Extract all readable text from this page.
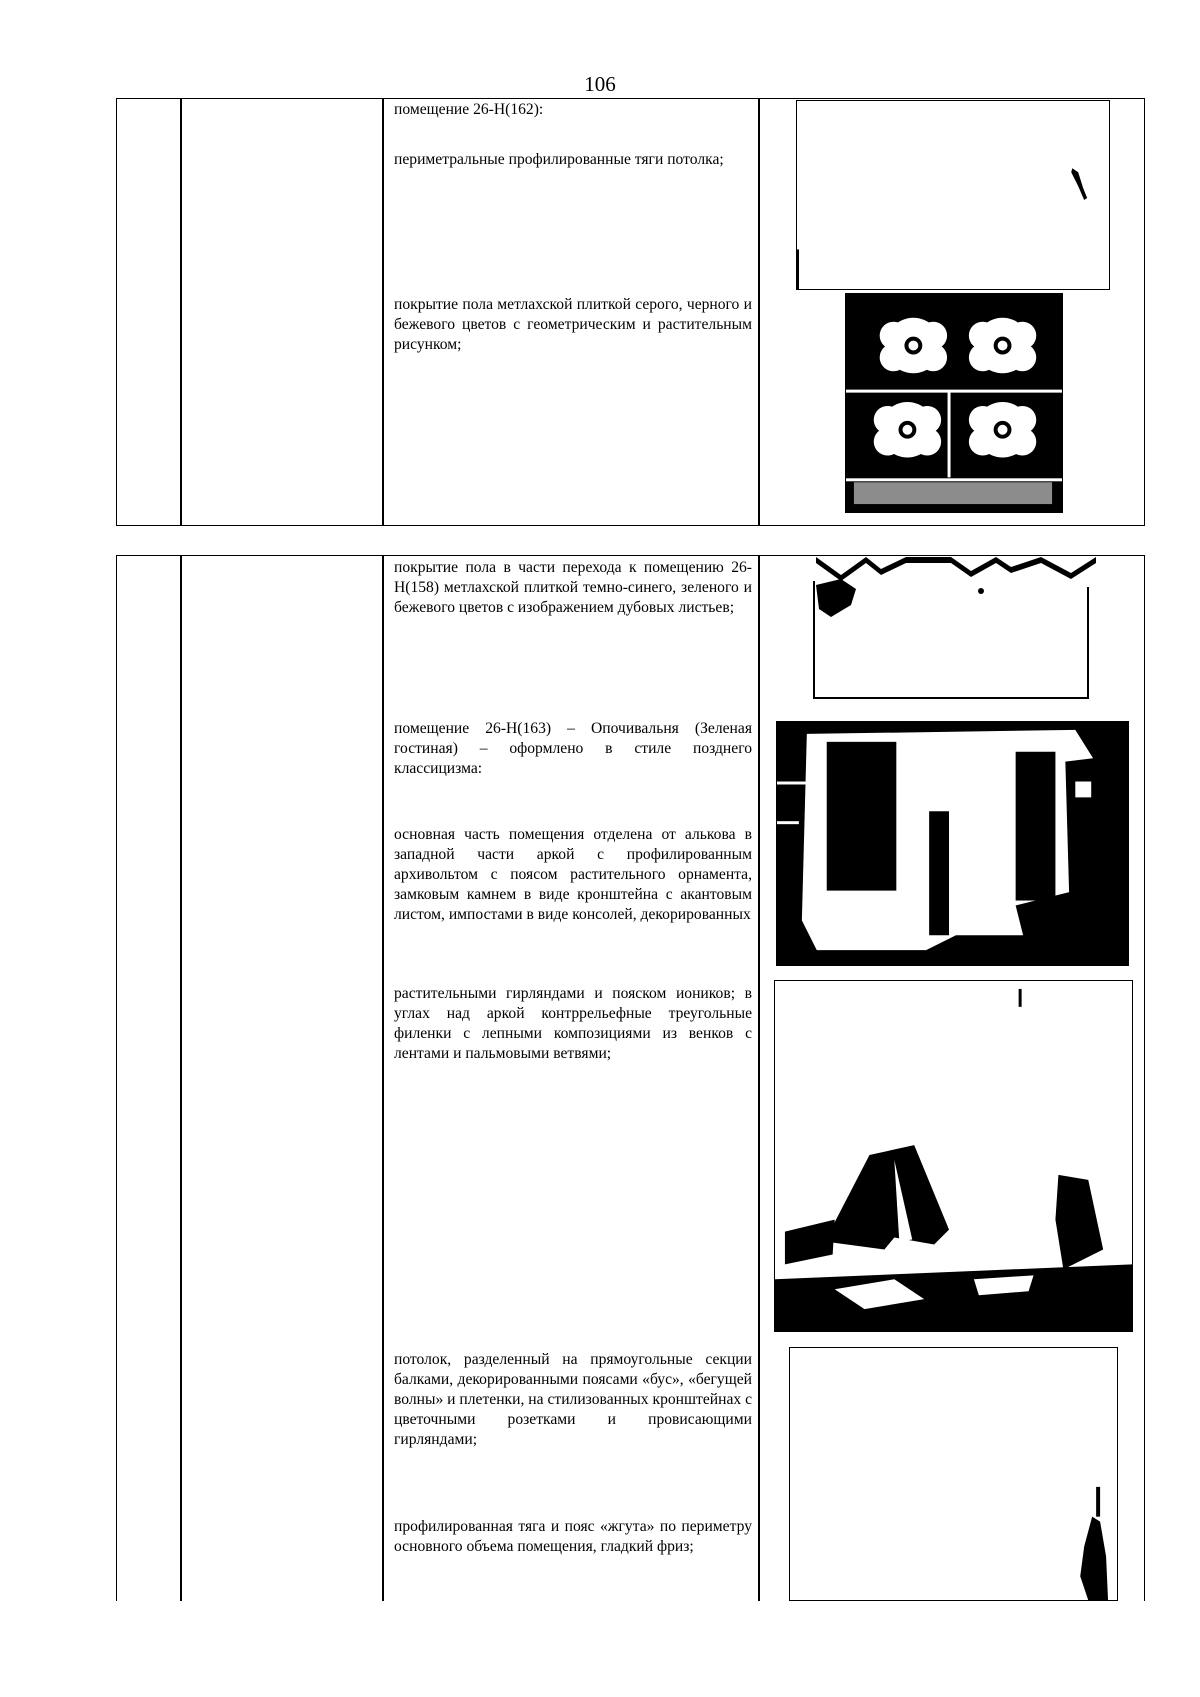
106

помещение 26-Н(162):

периметральные профилированные тяги потолка;

покрытие пола метлахской плиткой серого, черного и бежевого цветов с геометрическим и растительным рисунком;

покрытие пола в части перехода к помещению 26-Н(158) метлахской плиткой темно-синего, зеленого и бежевого цветов с изображением дубовых листьев;

помещение 26-Н(163) – Опочивальня (Зеленая гостиная) – оформлено в стиле позднего классицизма:

основная часть помещения отделена от алькова в западной части аркой с профилированным архивольтом с поясом растительного орнамента, замковым камнем в виде кронштейна с акантовым листом, импостами в виде консолей, декорированных

растительными гирляндами и пояском иоников; в углах над аркой контррельефные треугольные филенки с лепными композициями из венков с лентами и пальмовыми ветвями;

потолок, разделенный на прямоугольные секции балками, декорированными поясами «бус», «бегущей волны» и плетенки, на стилизованных кронштейнах с цветочными розетками и провисающими гирляндами;

профилированная тяга и пояс «жгута» по периметру основного объема помещения, гладкий фриз;
